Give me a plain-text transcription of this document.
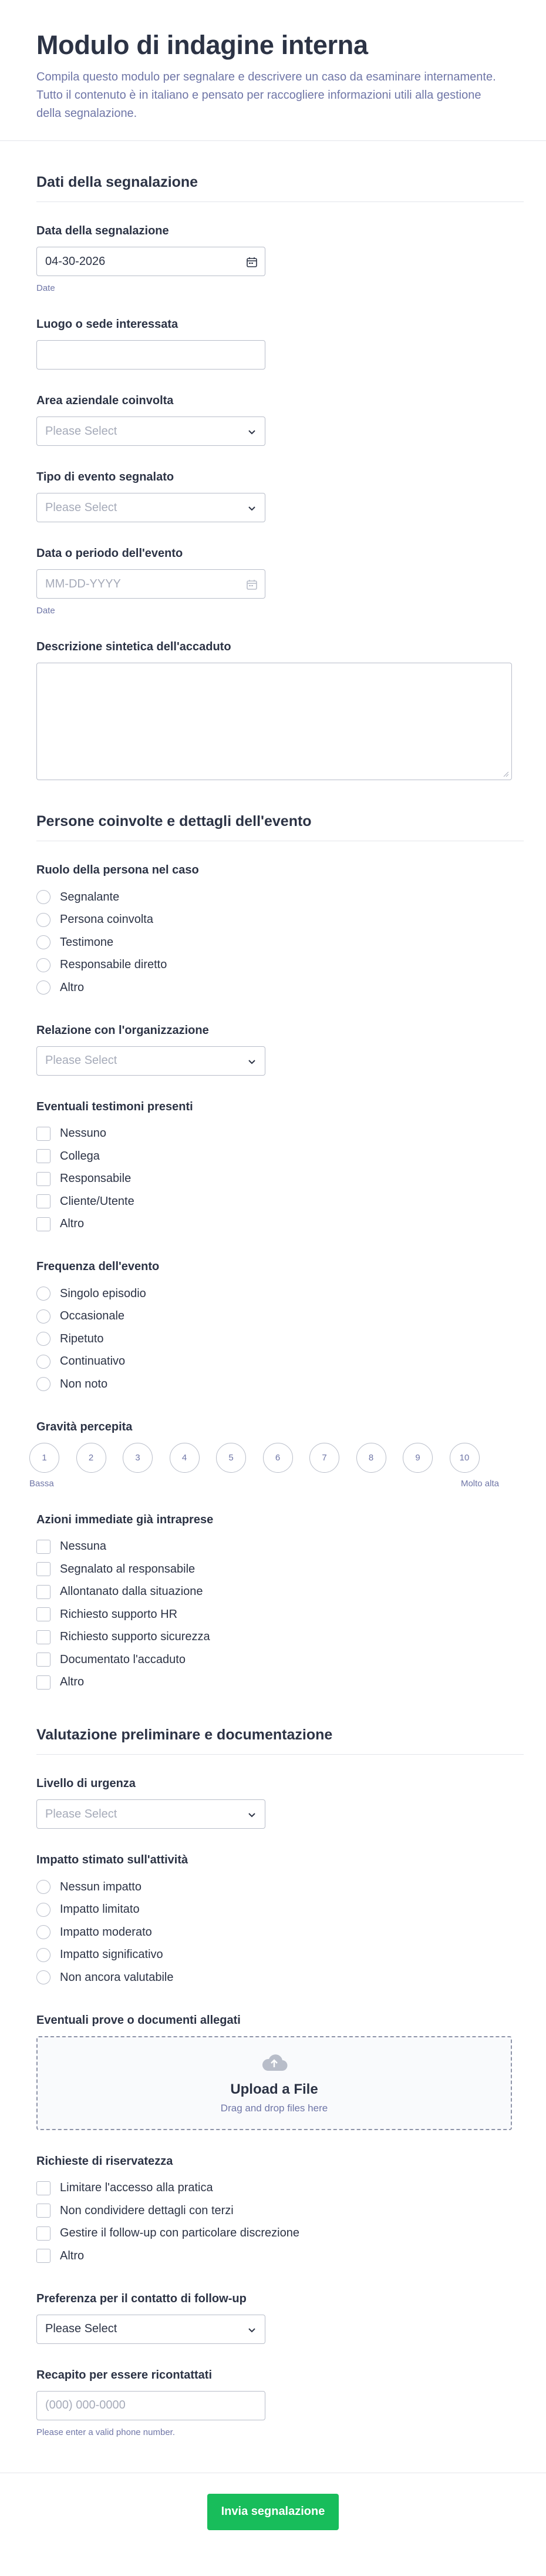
Modulo di indagine interna

Compila questo modulo per segnalare e descrivere un caso da esaminare internamente. Tutto il contenuto è in italiano e pensato per raccogliere informazioni utili alla gestione della segnalazione.

Dati della segnalazione
Data della segnalazione
04-30-2026
Date
Luogo o sede interessata
Area aziendale coinvolta
Please Select
Tipo di evento segnalato
Please Select
Data o periodo dell'evento
MM-DD-YYYY
Date
Descrizione sintetica dell'accaduto
Persone coinvolte e dettagli dell'evento
Ruolo della persona nel caso
Segnalante
Persona coinvolta
Testimone
Responsabile diretto
Altro
Relazione con l'organizzazione
Please Select
Eventuali testimoni presenti
Nessuno
Collega
Responsabile
Cliente/Utente
Altro
Frequenza dell'evento
Singolo episodio
Occasionale
Ripetuto
Continuativo
Non noto
Gravità percepita
1	2	3	4	5	6	7	8	9	10
Bassa	Molto alta
Azioni immediate già intraprese
Nessuna
Segnalato al responsabile
Allontanato dalla situazione
Richiesto supporto HR
Richiesto supporto sicurezza
Documentato l'accaduto
Altro
Valutazione preliminare e documentazione
Livello di urgenza
Please Select
Impatto stimato sull'attività
Nessun impatto
Impatto limitato
Impatto moderato
Impatto significativo
Non ancora valutabile
Eventuali prove o documenti allegati
Upload a File
Drag and drop files here
Richieste di riservatezza
Limitare l'accesso alla pratica
Non condividere dettagli con terzi
Gestire il follow-up con particolare discrezione
Altro
Preferenza per il contatto di follow-up
Please Select
Recapito per essere ricontattati
(000) 000-0000
Please enter a valid phone number.
Invia segnalazione
